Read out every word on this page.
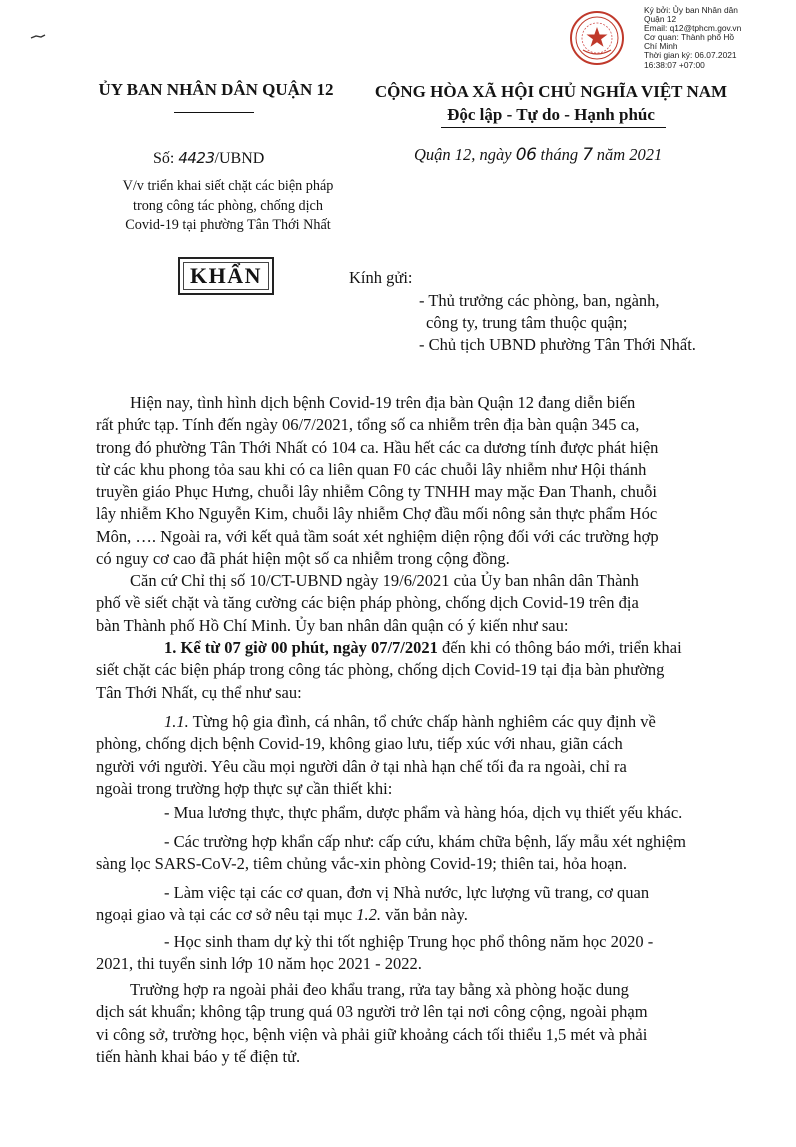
Ký bởi: Ủy ban Nhân dân
Quận 12
Email: q12@tphcm.gov.vn
Cơ quan: Thành phố Hồ
Chí Minh
Thời gian ký: 06.07.2021
16:38:07 +07:00
ỦY BAN NHÂN DÂN QUẬN 12	CỘNG HÒA XÃ HỘI CHỦ NGHĨA VIỆT NAM
Độc lập - Tự do - Hạnh phúc
Số: 4423/UBND	Quận 12, ngày 06 tháng 7 năm 2021
V/v triển khai siết chặt các biện pháp
trong công tác phòng, chống dịch
Covid-19 tại phường Tân Thới Nhất
KHẨN	Kính gửi:
- Thủ trưởng các phòng, ban, ngành,
công ty, trung tâm thuộc quận;
- Chủ tịch UBND phường Tân Thới Nhất.
Hiện nay, tình hình dịch bệnh Covid-19 trên địa bàn Quận 12 đang diễn biến
rất phức tạp. Tính đến ngày 06/7/2021, tổng số ca nhiễm trên địa bàn quận 345 ca,
trong đó phường Tân Thới Nhất có 104 ca. Hầu hết các ca dương tính được phát hiện
từ các khu phong tỏa sau khi có ca liên quan F0 các chuỗi lây nhiễm như Hội thánh
truyền giáo Phục Hưng, chuỗi lây nhiễm Công ty TNHH may mặc Đan Thanh, chuỗi
lây nhiễm Kho Nguyễn Kim, chuỗi lây nhiễm Chợ đầu mối nông sản thực phẩm Hóc
Môn, …. Ngoài ra, với kết quả tầm soát xét nghiệm diện rộng đối với các trường hợp
có nguy cơ cao đã phát hiện một số ca nhiễm trong cộng đồng.
Căn cứ Chỉ thị số 10/CT-UBND ngày 19/6/2021 của Ủy ban nhân dân Thành
phố về siết chặt và tăng cường các biện pháp phòng, chống dịch Covid-19 trên địa
bàn Thành phố Hồ Chí Minh. Ủy ban nhân dân quận có ý kiến như sau:
1. Kể từ 07 giờ 00 phút, ngày 07/7/2021 đến khi có thông báo mới, triển khai
siết chặt các biện pháp trong công tác phòng, chống dịch Covid-19 tại địa bàn phường
Tân Thới Nhất, cụ thể như sau:
1.1. Từng hộ gia đình, cá nhân, tổ chức chấp hành nghiêm các quy định về
phòng, chống dịch bệnh Covid-19, không giao lưu, tiếp xúc với nhau, giãn cách
người với người. Yêu cầu mọi người dân ở tại nhà hạn chế tối đa ra ngoài, chỉ ra
ngoài trong trường hợp thực sự cần thiết khi:
- Mua lương thực, thực phẩm, dược phẩm và hàng hóa, dịch vụ thiết yếu khác.
- Các trường hợp khẩn cấp như: cấp cứu, khám chữa bệnh, lấy mẫu xét nghiệm
sàng lọc SARS-CoV-2, tiêm chủng vắc-xin phòng Covid-19; thiên tai, hỏa hoạn.
- Làm việc tại các cơ quan, đơn vị Nhà nước, lực lượng vũ trang, cơ quan
ngoại giao và tại các cơ sở nêu tại mục 1.2. văn bản này.
- Học sinh tham dự kỳ thi tốt nghiệp Trung học phổ thông năm học 2020 -
2021, thi tuyển sinh lớp 10 năm học 2021 - 2022.
Trường hợp ra ngoài phải đeo khẩu trang, rửa tay bằng xà phòng hoặc dung
dịch sát khuẩn; không tập trung quá 03 người trở lên tại nơi công cộng, ngoài phạm
vi công sở, trường học, bệnh viện và phải giữ khoảng cách tối thiểu 1,5 mét và phải
tiến hành khai báo y tế điện tử.
